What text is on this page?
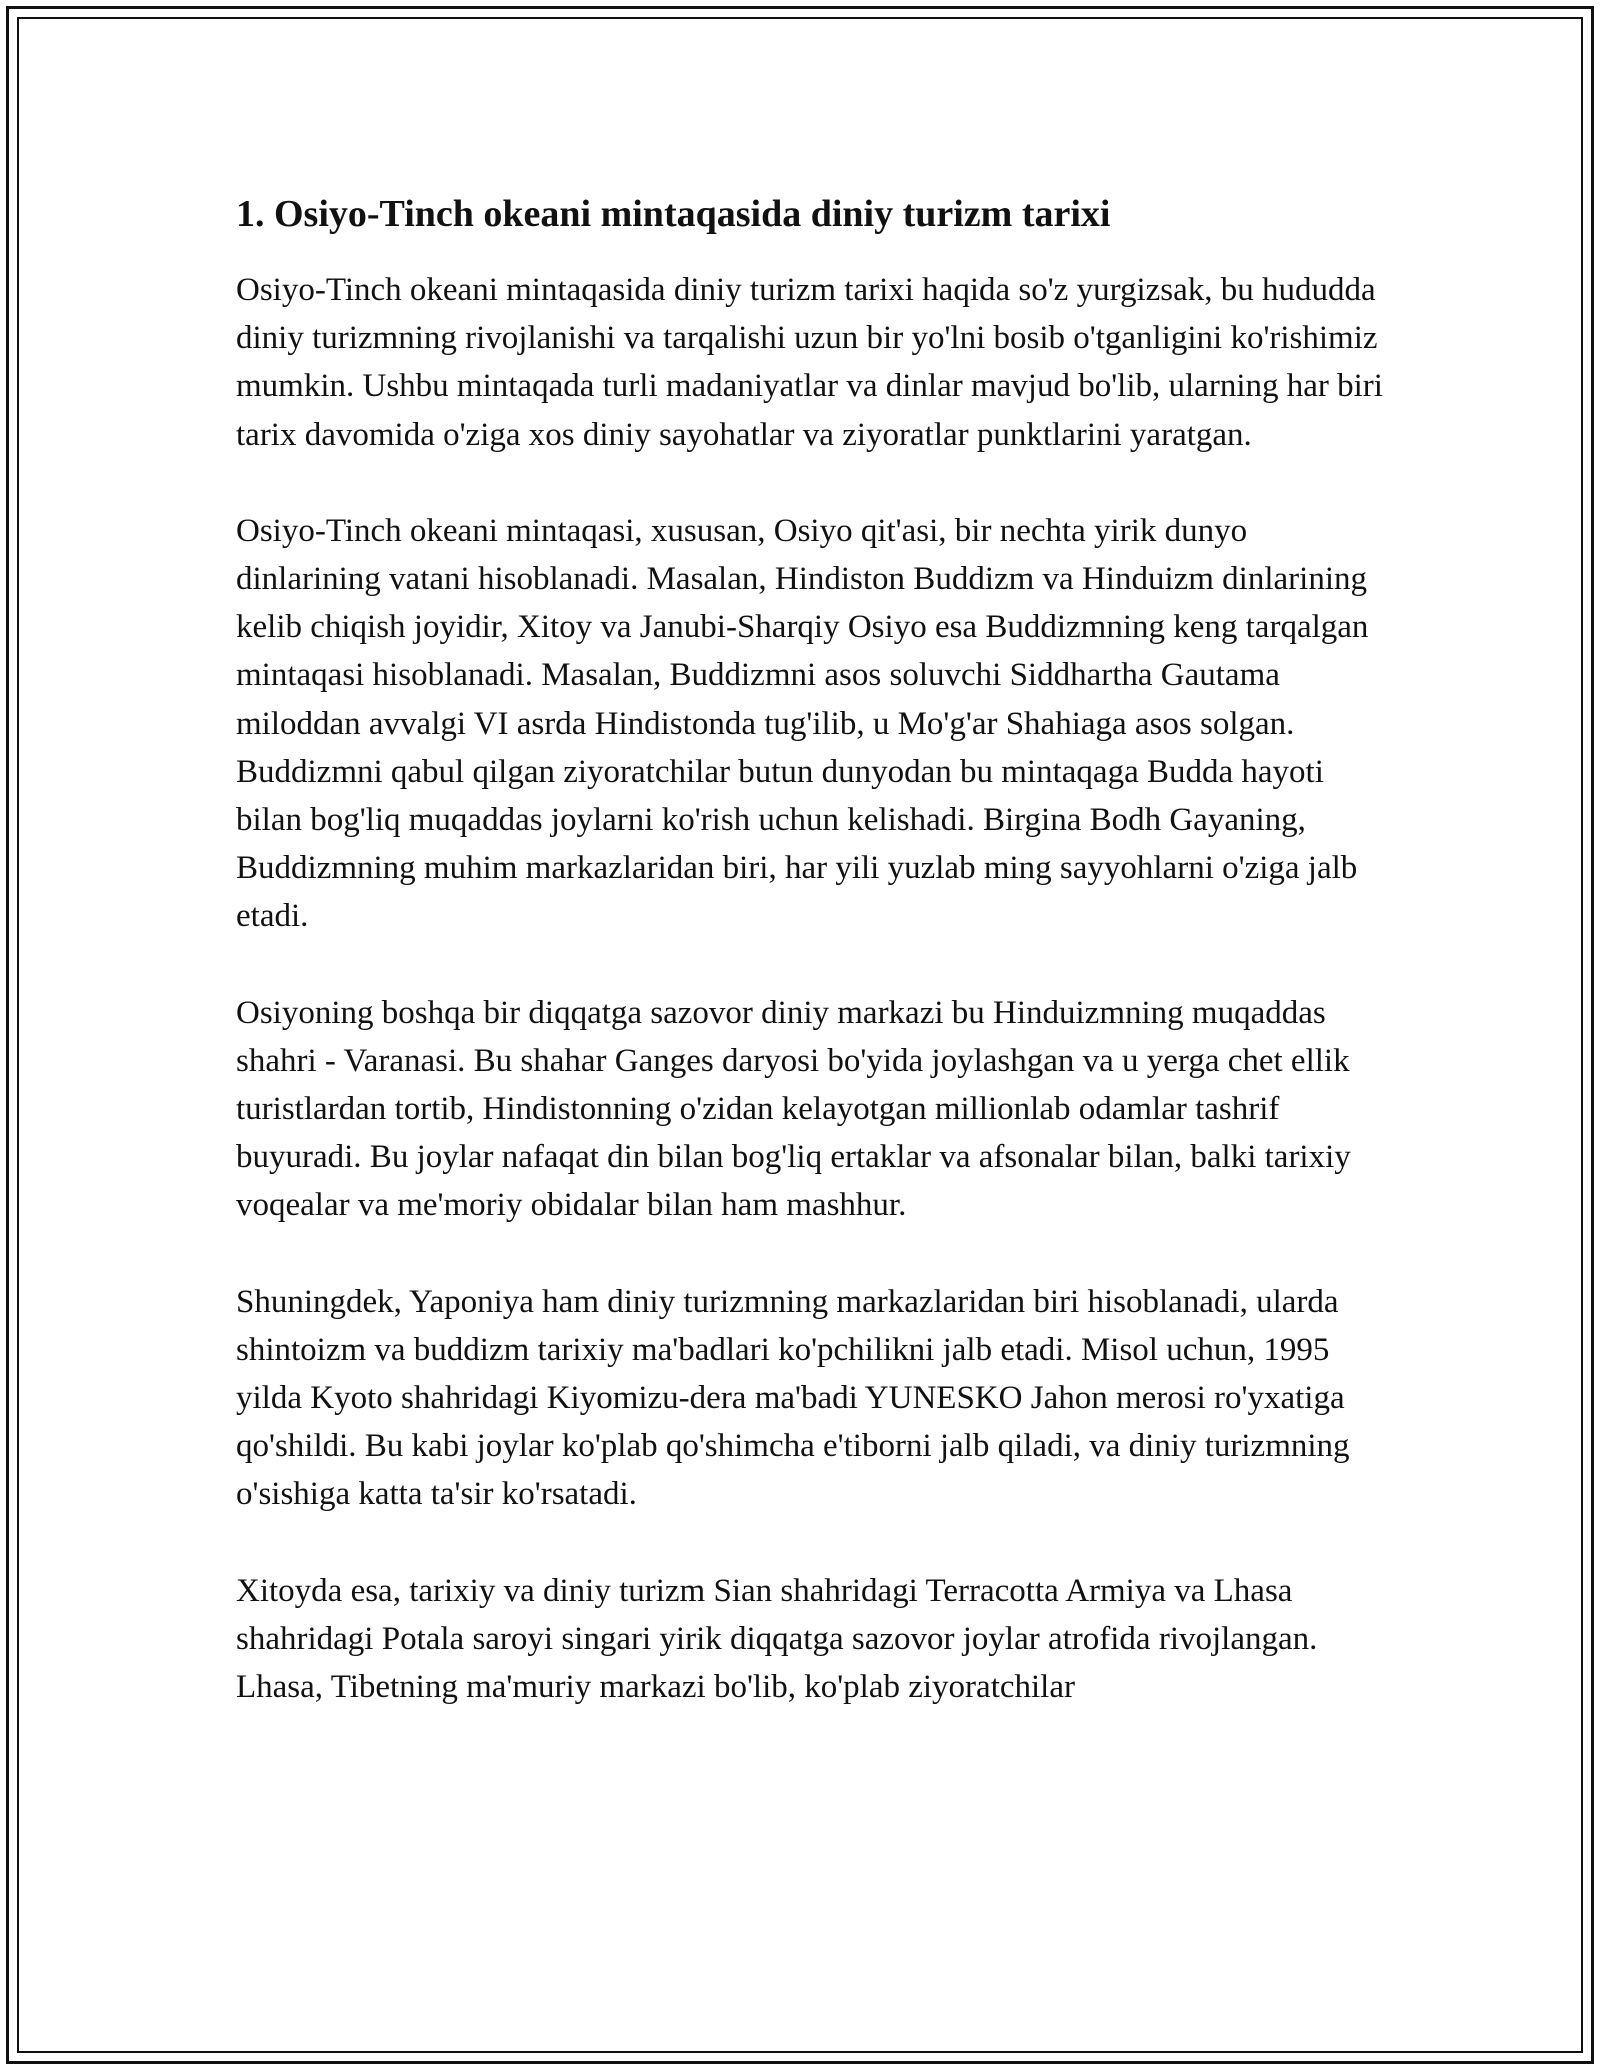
1. Osiyo-Tinch okeani mintaqasida diniy turizm tarixi

Osiyo-Tinch okeani mintaqasida diniy turizm tarixi haqida so'z yurgizsak, bu hududda diniy turizmning rivojlanishi va tarqalishi uzun bir yo'lni bosib o'tganligini ko'rishimiz mumkin. Ushbu mintaqada turli madaniyatlar va dinlar mavjud bo'lib, ularning har biri tarix davomida o'ziga xos diniy sayohatlar va ziyoratlar punktlarini yaratgan.

Osiyo-Tinch okeani mintaqasi, xususan, Osiyo qit'asi, bir nechta yirik dunyo dinlarining vatani hisoblanadi. Masalan, Hindiston Buddizm va Hinduizm dinlarining kelib chiqish joyidir, Xitoy va Janubi-Sharqiy Osiyo esa Buddizmning keng tarqalgan mintaqasi hisoblanadi. Masalan, Buddizmni asos soluvchi Siddhartha Gautama miloddan avvalgi VI asrda Hindistonda tug'ilib, u Mo'g'ar Shahiaga asos solgan. Buddizmni qabul qilgan ziyoratchilar butun dunyodan bu mintaqaga Budda hayoti bilan bog'liq muqaddas joylarni ko'rish uchun kelishadi. Birgina Bodh Gayaning, Buddizmning muhim markazlaridan biri, har yili yuzlab ming sayyohlarni o'ziga jalb etadi.

Osiyoning boshqa bir diqqatga sazovor diniy markazi bu Hinduizmning muqaddas shahri - Varanasi. Bu shahar Ganges daryosi bo'yida joylashgan va u yerga chet ellik turistlardan tortib, Hindistonning o'zidan kelayotgan millionlab odamlar tashrif buyuradi. Bu joylar nafaqat din bilan bog'liq ertaklar va afsonalar bilan, balki tarixiy voqealar va me'moriy obidalar bilan ham mashhur.

Shuningdek, Yaponiya ham diniy turizmning markazlaridan biri hisoblanadi, ularda shintoizm va buddizm tarixiy ma'badlari ko'pchilikni jalb etadi. Misol uchun, 1995 yilda Kyoto shahridagi Kiyomizu-dera ma'badi YUNESKO Jahon merosi ro'yxatiga qo'shildi. Bu kabi joylar ko'plab qo'shimcha e'tiborni jalb qiladi, va diniy turizmning o'sishiga katta ta'sir ko'rsatadi.

Xitoyda esa, tarixiy va diniy turizm Sian shahridagi Terracotta Armiya va Lhasa shahridagi Potala saroyi singari yirik diqqatga sazovor joylar atrofida rivojlangan. Lhasa, Tibetning ma'muriy markazi bo'lib, ko'plab ziyoratchilar
